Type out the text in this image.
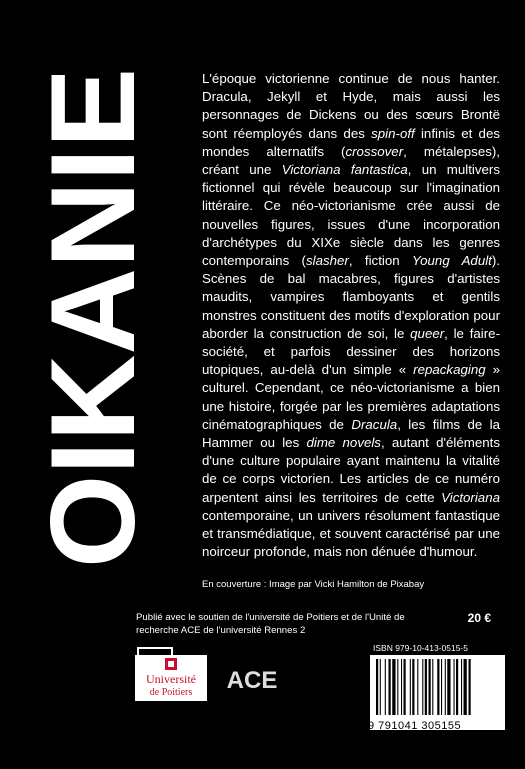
OIKANIE	L'époque victorienne continue de nous hanter. Dracula, Jekyll et Hyde, mais aussi les personnages de Dickens ou des sœurs Brontë sont réemployés dans des spin-off infinis et des mondes alternatifs (crossover, métalepses), créant une Victoriana fantastica, un multivers fictionnel qui révèle beaucoup sur l'imagination littéraire. Ce néo-victorianisme crée aussi de nouvelles figures, issues d'une incorporation d'archétypes du XIXe siècle dans les genres contemporains (slasher, fiction Young Adult). Scènes de bal macabres, figures d'artistes maudits, vampires flamboyants et gentils monstres constituent des motifs d'exploration pour aborder la construction de soi, le queer, le faire-société, et parfois dessiner des horizons utopiques, au-delà d'un simple « repackaging » culturel. Cependant, ce néo-victorianisme a bien une histoire, forgée par les premières adaptations cinématographiques de Dracula, les films de la Hammer ou les dime novels, autant d'éléments d'une culture populaire ayant maintenu la vitalité de ce corps victorien. Les articles de ce numéro arpentent ainsi les territoires de cette Victoriana contemporaine, un univers résolument fantastique et transmédiatique, et souvent caractérisé par une noirceur profonde, mais non dénuée d'humour.

En couverture : Image par Vicki Hamilton de Pixabay
Publié avec le soutien de l'université de Poitiers et de l'Unité de recherche ACE de l'université Rennes 2
20 €
Université
de Poitiers ACE
ISBN 979-10-413-0515-5
9 791041 305155
